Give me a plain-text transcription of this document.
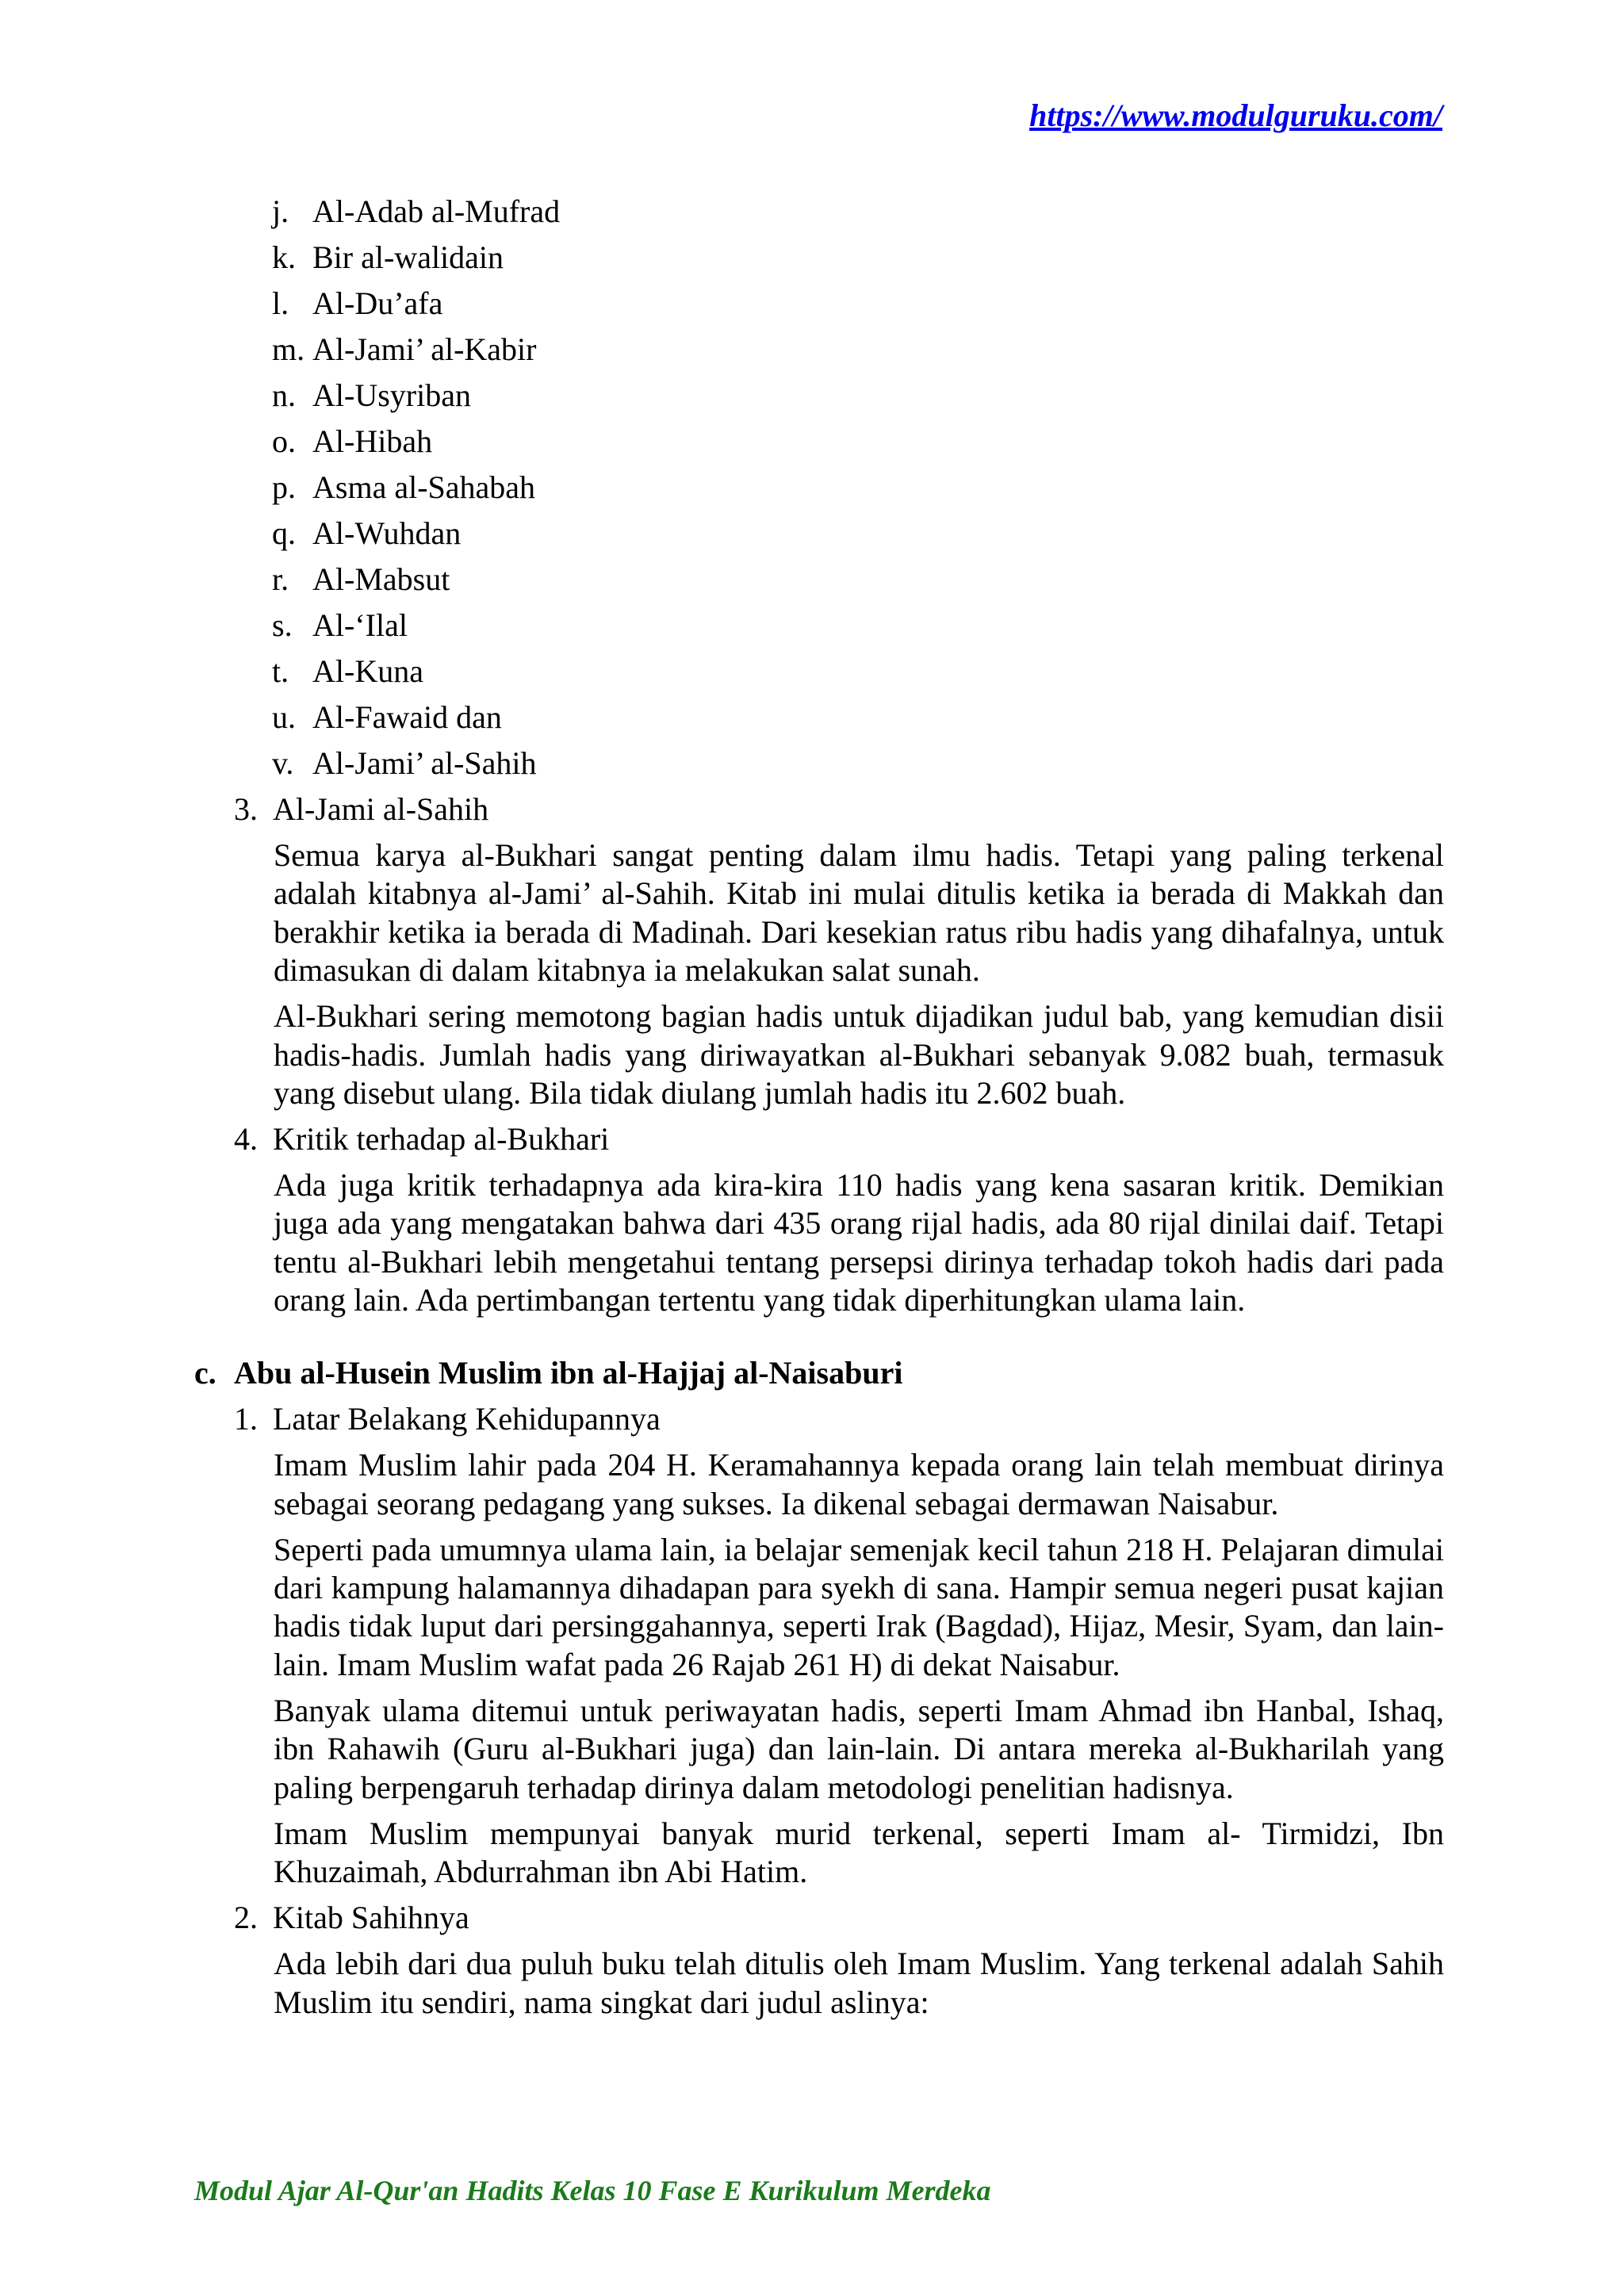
https://www.modulguruku.com/
j. Al-Adab al-Mufrad
k. Bir al-walidain
l. Al-Du’afa
m. Al-Jami’ al-Kabir
n. Al-Usyriban
o. Al-Hibah
p. Asma al-Sahabah
q. Al-Wuhdan
r. Al-Mabsut
s. Al-‘Ilal
t. Al-Kuna
u. Al-Fawaid dan
v. Al-Jami’ al-Sahih
3. Al-Jami al-Sahih

Semua karya al-Bukhari sangat penting dalam ilmu hadis. Tetapi yang paling terkenal adalah kitabnya al-Jami’ al-Sahih. Kitab ini mulai ditulis ketika ia berada di Makkah dan berakhir ketika ia berada di Madinah. Dari kesekian ratus ribu hadis yang dihafalnya, untuk dimasukan di dalam kitabnya ia melakukan salat sunah.

Al-Bukhari sering memotong bagian hadis untuk dijadikan judul bab, yang kemudian disii hadis-hadis. Jumlah hadis yang diriwayatkan al-Bukhari sebanyak 9.082 buah, termasuk yang disebut ulang. Bila tidak diulang jumlah hadis itu 2.602 buah.

4. Kritik terhadap al-Bukhari

Ada juga kritik terhadapnya ada kira-kira 110 hadis yang kena sasaran kritik. Demikian juga ada yang mengatakan bahwa dari 435 orang rijal hadis, ada 80 rijal dinilai daif. Tetapi tentu al-Bukhari lebih mengetahui tentang persepsi dirinya terhadap tokoh hadis dari pada orang lain. Ada pertimbangan tertentu yang tidak diperhitungkan ulama lain.

c. Abu al-Husein Muslim ibn al-Hajjaj al-Naisaburi
1. Latar Belakang Kehidupannya

Imam Muslim lahir pada 204 H. Keramahannya kepada orang lain telah membuat dirinya sebagai seorang pedagang yang sukses. Ia dikenal sebagai dermawan Naisabur.

Seperti pada umumnya ulama lain, ia belajar semenjak kecil tahun 218 H. Pelajaran dimulai dari kampung halamannya dihadapan para syekh di sana. Hampir semua negeri pusat kajian hadis tidak luput dari persinggahannya, seperti Irak (Bagdad), Hijaz, Mesir, Syam, dan lain-lain. Imam Muslim wafat pada 26 Rajab 261 H) di dekat Naisabur.

Banyak ulama ditemui untuk periwayatan hadis, seperti Imam Ahmad ibn Hanbal, Ishaq, ibn Rahawih (Guru al-Bukhari juga) dan lain-lain. Di antara mereka al-Bukharilah yang paling berpengaruh terhadap dirinya dalam metodologi penelitian hadisnya.

Imam Muslim mempunyai banyak murid terkenal, seperti Imam al- Tirmidzi, Ibn Khuzaimah, Abdurrahman ibn Abi Hatim.

2. Kitab Sahihnya

Ada lebih dari dua puluh buku telah ditulis oleh Imam Muslim. Yang terkenal adalah Sahih Muslim itu sendiri, nama singkat dari judul aslinya:

Modul Ajar Al-Qur'an Hadits Kelas 10 Fase E Kurikulum Merdeka
